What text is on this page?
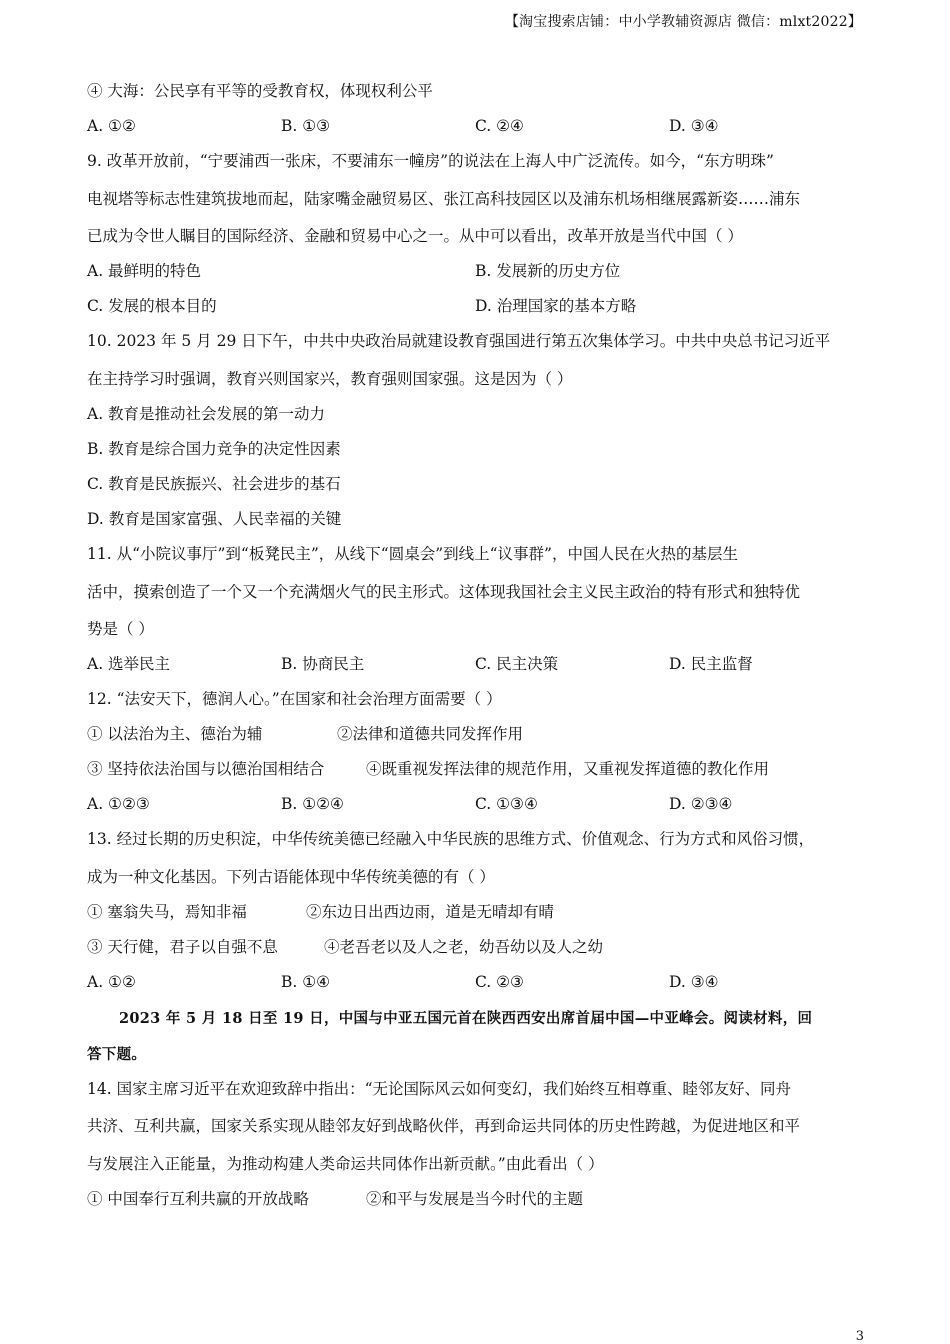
【淘宝搜索店铺：中小学教辅资源店 微信：mlxt2022】
④ 大海：公民享有平等的受教育权，体现权利公平
A. ①②	B. ①③	C. ②④	D. ③④
9. 改革开放前，“宁要浦西一张床，不要浦东一幢房”的说法在上海人中广泛流传。如今，“东方明珠”
电视塔等标志性建筑拔地而起，陆家嘴金融贸易区、张江高科技园区以及浦东机场相继展露新姿……浦东
已成为令世人瞩目的国际经济、金融和贸易中心之一。从中可以看出，改革开放是当代中国（ ）
A. 最鲜明的特色	B. 发展新的历史方位
C. 发展的根本目的	D. 治理国家的基本方略
10. 2023 年 5 月 29 日下午，中共中央政治局就建设教育强国进行第五次集体学习。中共中央总书记习近平
在主持学习时强调，教育兴则国家兴，教育强则国家强。这是因为（ ）
A. 教育是推动社会发展的第一动力
B. 教育是综合国力竞争的决定性因素
C. 教育是民族振兴、社会进步的基石
D. 教育是国家富强、人民幸福的关键
11. 从“小院议事厅”到“板凳民主”，从线下“圆桌会”到线上“议事群”，中国人民在火热的基层生
活中，摸索创造了一个又一个充满烟火气的民主形式。这体现我国社会主义民主政治的特有形式和独特优
势是（ ）
A. 选举民主	B. 协商民主	C. 民主决策	D. 民主监督
12. “法安天下，德润人心。”在国家和社会治理方面需要（ ）
① 以法治为主、德治为辅	②法律和道德共同发挥作用
③ 坚持依法治国与以德治国相结合	④既重视发挥法律的规范作用，又重视发挥道德的教化作用
A. ①②③	B. ①②④	C. ①③④	D. ②③④
13. 经过长期的历史积淀，中华传统美德已经融入中华民族的思维方式、价值观念、行为方式和风俗习惯，
成为一种文化基因。下列古语能体现中华传统美德的有（ ）
① 塞翁失马，焉知非福	②东边日出西边雨，道是无晴却有晴
③ 天行健，君子以自强不息	④老吾老以及人之老，幼吾幼以及人之幼
A. ①②	B. ①④	C. ②③	D. ③④
2023 年 5 月 18 日至 19 日，中国与中亚五国元首在陕西西安出席首届中国—中亚峰会。阅读材料，回
答下题。
14. 国家主席习近平在欢迎致辞中指出：“无论国际风云如何变幻，我们始终互相尊重、睦邻友好、同舟
共济、互利共赢，国家关系实现从睦邻友好到战略伙伴，再到命运共同体的历史性跨越，为促进地区和平
与发展注入正能量，为推动构建人类命运共同体作出新贡献。”由此看出（ ）
① 中国奉行互利共赢的开放战略	②和平与发展是当今时代的主题
3
